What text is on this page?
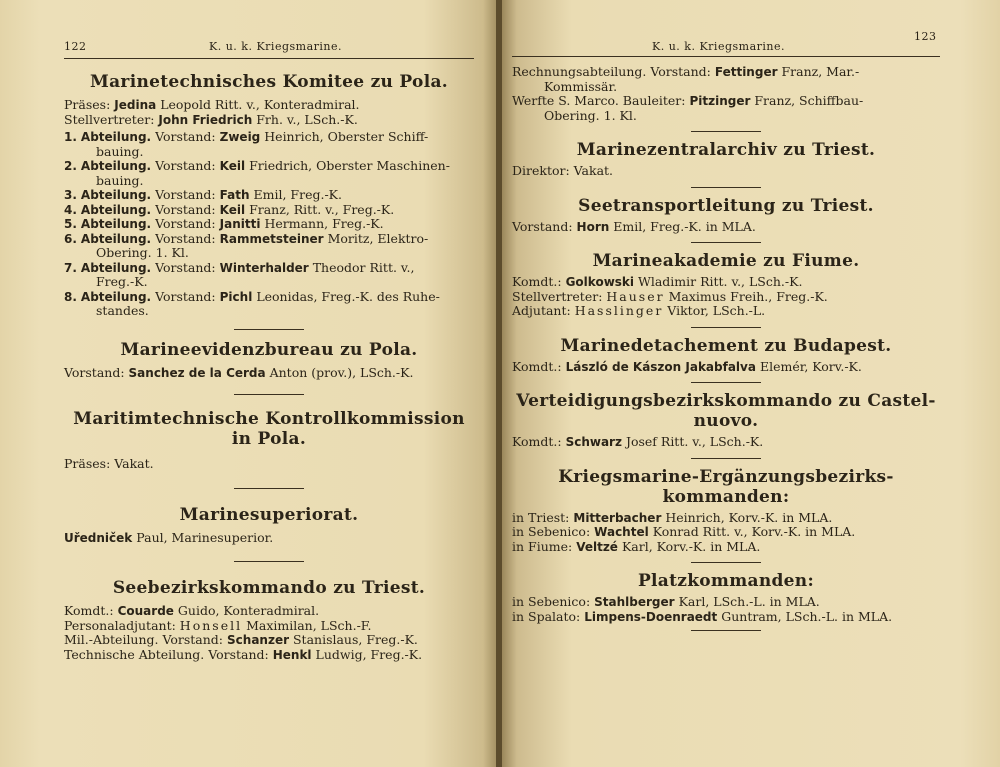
122	K. u. k. Kriegsmarine.

Marinetechnisches Komitee zu Pola.

Präses: Jedina Leopold Ritt. v., Konteradmiral.

Stellvertreter: John Friedrich Frh. v., LSch.-K.

1. Abteilung. Vorstand: Zweig Heinrich, Oberster Schiff-

bauing.

2. Abteilung. Vorstand: Keil Friedrich, Oberster Maschinen-

bauing.

3. Abteilung. Vorstand: Fath Emil, Freg.-K.

4. Abteilung. Vorstand: Keil Franz, Ritt. v., Freg.-K.

5. Abteilung. Vorstand: Janitti Hermann, Freg.-K.

6. Abteilung. Vorstand: Rammetsteiner Moritz, Elektro-

Obering. 1. Kl.

7. Abteilung. Vorstand: Winterhalder Theodor Ritt. v.,

Freg.-K.

8. Abteilung. Vorstand: Pichl Leonidas, Freg.-K. des Ruhe-

standes.

Marineevidenzbureau zu Pola.

Vorstand: Sanchez de la Cerda Anton (prov.), LSch.-K.

Maritimtechnische Kontrollkommission

in Pola.

Präses: Vakat.

Marinesuperiorat.

Uředniček Paul, Marinesuperior.

Seebezirkskommando zu Triest.

Komdt.: Couarde Guido, Konteradmiral.

Personaladjutant: Honsell Maximilan, LSch.-F.

Mil.-Abteilung. Vorstand: Schanzer Stanislaus, Freg.-K.

Technische Abteilung. Vorstand: Henkl Ludwig, Freg.-K.

K. u. k. Kriegsmarine.
123

Rechnungsabteilung. Vorstand: Fettinger Franz, Mar.-

Kommissär.

Werfte S. Marco. Bauleiter: Pitzinger Franz, Schiffbau-

Obering. 1. Kl.

Marinezentralarchiv zu Triest.

Direktor: Vakat.

Seetransportleitung zu Triest.

Vorstand: Horn Emil, Freg.-K. in MLA.

Marineakademie zu Fiume.

Komdt.: Golkowski Wladimir Ritt. v., LSch.-K.

Stellvertreter: Hauser Maximus Freih., Freg.-K.

Adjutant: Hasslinger Viktor, LSch.-L.

Marinedetachement zu Budapest.

Komdt.: László de Kászon Jakabfalva Elemér, Korv.-K.

Verteidigungsbezirkskommando zu Castel-

nuovo.

Komdt.: Schwarz Josef Ritt. v., LSch.-K.

Kriegsmarine-Ergänzungsbezirks-

kommanden:

in Triest: Mitterbacher Heinrich, Korv.-K. in MLA.

in Sebenico: Wachtel Konrad Ritt. v., Korv.-K. in MLA.

in Fiume: Veltzé Karl, Korv.-K. in MLA.

Platzkommanden:

in Sebenico: Stahlberger Karl, LSch.-L. in MLA.

in Spalato: Limpens-Doenraedt Guntram, LSch.-L. in MLA.
